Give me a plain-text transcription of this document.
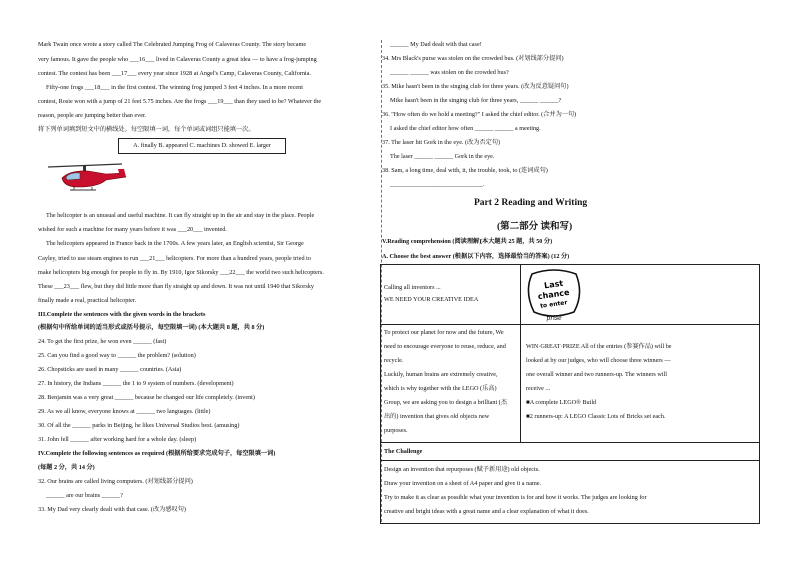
Mark Twain once wrote a story called The Celebrated Jumping Frog of Calaveras County. The story became
very famous. It gave the people who ___16___ lived in Calaveras County a great idea — to have a frog-jumping
contest. The contest has been ___17___ every year since 1928 at Angel's Camp, Calaveras County, California.
Fifty-one frogs ___18___ in the first contest. The winning frog jumped 3 feet 4 inches. In a more recent
contest, Rosie won with a jump of 21 feet 5.75 inches. Are the frogs ___19___ than they used to be? Whatever the
reason, people are jumping better than ever.
将下列单词填到短文中的横线处。每空限填一词，每个单词或词组只能填一次。
A. finally B. appeared C. machines D. showed E. larger
The helicopter is an unusual and useful machine. It can fly straight up in the air and stay in the place. People
wished for such a machine for many years before it was ___20___ invented.
The helicopters appeared in France back in the 1700s. A few years later, an English scientist, Sir George
Cayley, tried to use steam engines to run ___21___ helicopters. For more than a hundred years, people tried to
make helicopters big enough for people to fly in. By 1910, Igor Sikorsky ___22___ the world two such helicopters.
These ___23___ flew, but they did little more than fly straight up and down. It was not until 1940 that Sikorsky
finally made a real, practical helicopter.
III.Complete the sentences with the given words in the brackets
(根据句中所给单词的适当形式或括号提示，每空限填一词) (本大题共 8 题，共 8 分)
24. To get the first prize, he won even ______ (fast)
25. Can you find a good way to ______ the problem? (solution)
26. Chopsticks are used in many ______ countries. (Asia)
27. In history, the Indians ______ the 1 to 9 system of numbers. (development)
28. Benjamin was a very great ______ because he changed our life completely. (invent)
29. As we all know, everyone knows at ______ two languages. (little)
30. Of all the ______ parks in Beijing, he likes Universal Studios best. (amusing)
31. John fell ______ after working hard for a whole day. (sleep)
IV.Complete the following sentences as required (根据所给要求完成句子，每空限填一词)
(每题 2 分，共 14 分)
32. Our brains are called living computers. (对划线部分提问)
______ are our brains ______?
33. My Dad very clearly dealt with that case. (改为感叹句)
______ My Dad dealt with that case!
34. Mrs Black's purse was stolen on the crowded bus. (对划线部分提问)
______ ______ was stolen on the crowded bus?
35. Mike hasn't been in the singing club for three years. (改为反意疑问句)
Mike hasn't been in the singing club for three years, ______ ______?
36. "How often do we hold a meeting?" I asked the chief editor. (合并为一句)
I asked the chief editor how often ______ ______ a meeting.
37. The laser hit Gork in the eye. (改为否定句)
The laser ______ ______ Gork in the eye.
38. Sam, a long time, deal with, it, the trouble, took, to (连词成句)
______________________________.
Part 2 Reading and Writing
(第二部分 读和写)
V.Reading comprehension (阅读理解)
(本大题共 25 题，共 50 分)
A. Choose the best answer (根据以下内容，选择最恰当的答案) (12 分)
Calling all inventors ...
WE NEED YOUR CREATIVE IDEA
Last
chance
to enter
prise
To protect our planet for now and the future, We
need to encourage everyone to reuse, reduce, and
recycle.
Luckily, human brains are extremely creative,
which is why together with the LEGO (乐高)
Group, we are asking you to design a brilliant (杰
出的) invention that gives old objects new
purposes.
WIN·GREAT·PRIZE All of the entries (参赛作品) will be
looked at by our judges, who will choose three winners —
one overall winner and two runners-up. The winners will
receive ...
■A complete LEGO® Build
■2 runners-up: A LEGO Classic Lots of Bricks set each.
The Challenge
Design an invention that repurposes (赋予新用途) old objects.
Draw your invention on a sheet of A4 paper and give it a name.
Try to make it as clear as possible what your invention is for and how it works. The judges are looking for
creative and bright ideas with a great name and a clear explanation of what it does.
